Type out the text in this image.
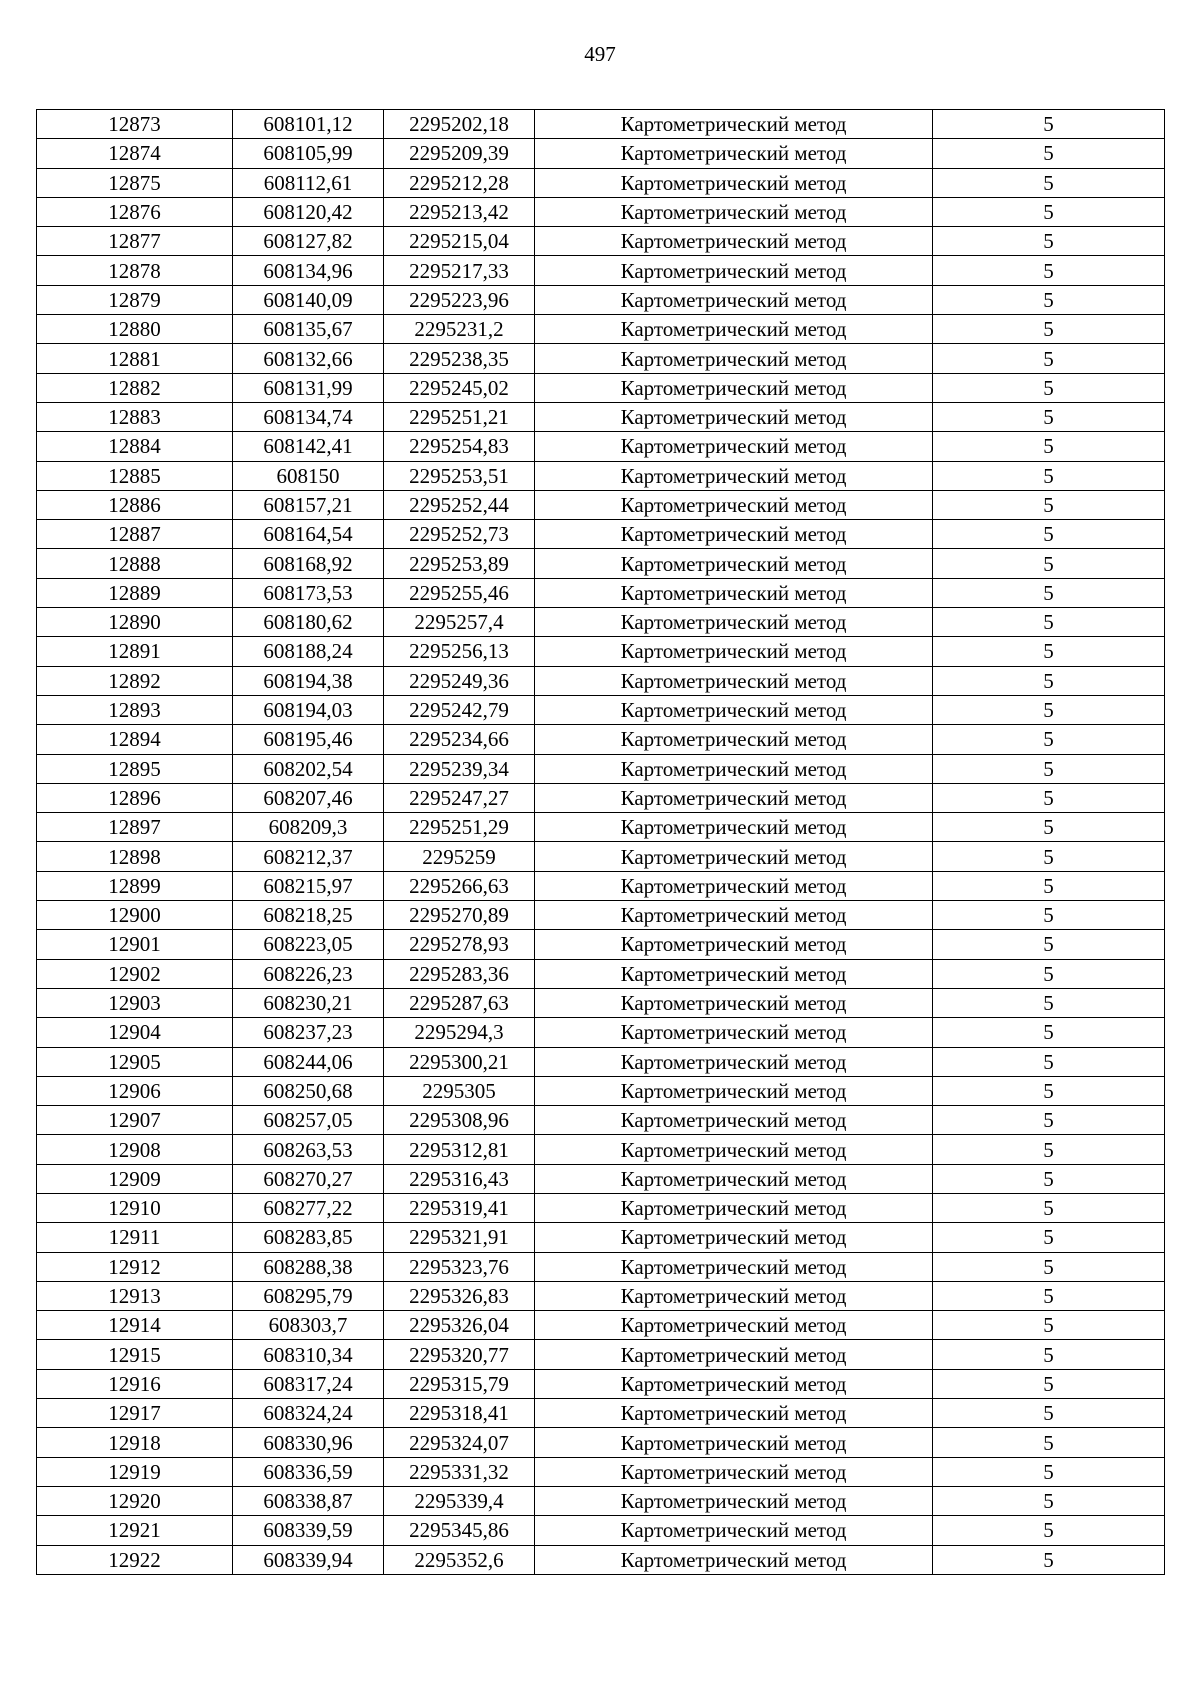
497
12873	608101,12	2295202,18	Картометрический метод	5
12874	608105,99	2295209,39	Картометрический метод	5
12875	608112,61	2295212,28	Картометрический метод	5
12876	608120,42	2295213,42	Картометрический метод	5
12877	608127,82	2295215,04	Картометрический метод	5
12878	608134,96	2295217,33	Картометрический метод	5
12879	608140,09	2295223,96	Картометрический метод	5
12880	608135,67	2295231,2	Картометрический метод	5
12881	608132,66	2295238,35	Картометрический метод	5
12882	608131,99	2295245,02	Картометрический метод	5
12883	608134,74	2295251,21	Картометрический метод	5
12884	608142,41	2295254,83	Картометрический метод	5
12885	608150	2295253,51	Картометрический метод	5
12886	608157,21	2295252,44	Картометрический метод	5
12887	608164,54	2295252,73	Картометрический метод	5
12888	608168,92	2295253,89	Картометрический метод	5
12889	608173,53	2295255,46	Картометрический метод	5
12890	608180,62	2295257,4	Картометрический метод	5
12891	608188,24	2295256,13	Картометрический метод	5
12892	608194,38	2295249,36	Картометрический метод	5
12893	608194,03	2295242,79	Картометрический метод	5
12894	608195,46	2295234,66	Картометрический метод	5
12895	608202,54	2295239,34	Картометрический метод	5
12896	608207,46	2295247,27	Картометрический метод	5
12897	608209,3	2295251,29	Картометрический метод	5
12898	608212,37	2295259	Картометрический метод	5
12899	608215,97	2295266,63	Картометрический метод	5
12900	608218,25	2295270,89	Картометрический метод	5
12901	608223,05	2295278,93	Картометрический метод	5
12902	608226,23	2295283,36	Картометрический метод	5
12903	608230,21	2295287,63	Картометрический метод	5
12904	608237,23	2295294,3	Картометрический метод	5
12905	608244,06	2295300,21	Картометрический метод	5
12906	608250,68	2295305	Картометрический метод	5
12907	608257,05	2295308,96	Картометрический метод	5
12908	608263,53	2295312,81	Картометрический метод	5
12909	608270,27	2295316,43	Картометрический метод	5
12910	608277,22	2295319,41	Картометрический метод	5
12911	608283,85	2295321,91	Картометрический метод	5
12912	608288,38	2295323,76	Картометрический метод	5
12913	608295,79	2295326,83	Картометрический метод	5
12914	608303,7	2295326,04	Картометрический метод	5
12915	608310,34	2295320,77	Картометрический метод	5
12916	608317,24	2295315,79	Картометрический метод	5
12917	608324,24	2295318,41	Картометрический метод	5
12918	608330,96	2295324,07	Картометрический метод	5
12919	608336,59	2295331,32	Картометрический метод	5
12920	608338,87	2295339,4	Картометрический метод	5
12921	608339,59	2295345,86	Картометрический метод	5
12922	608339,94	2295352,6	Картометрический метод	5
